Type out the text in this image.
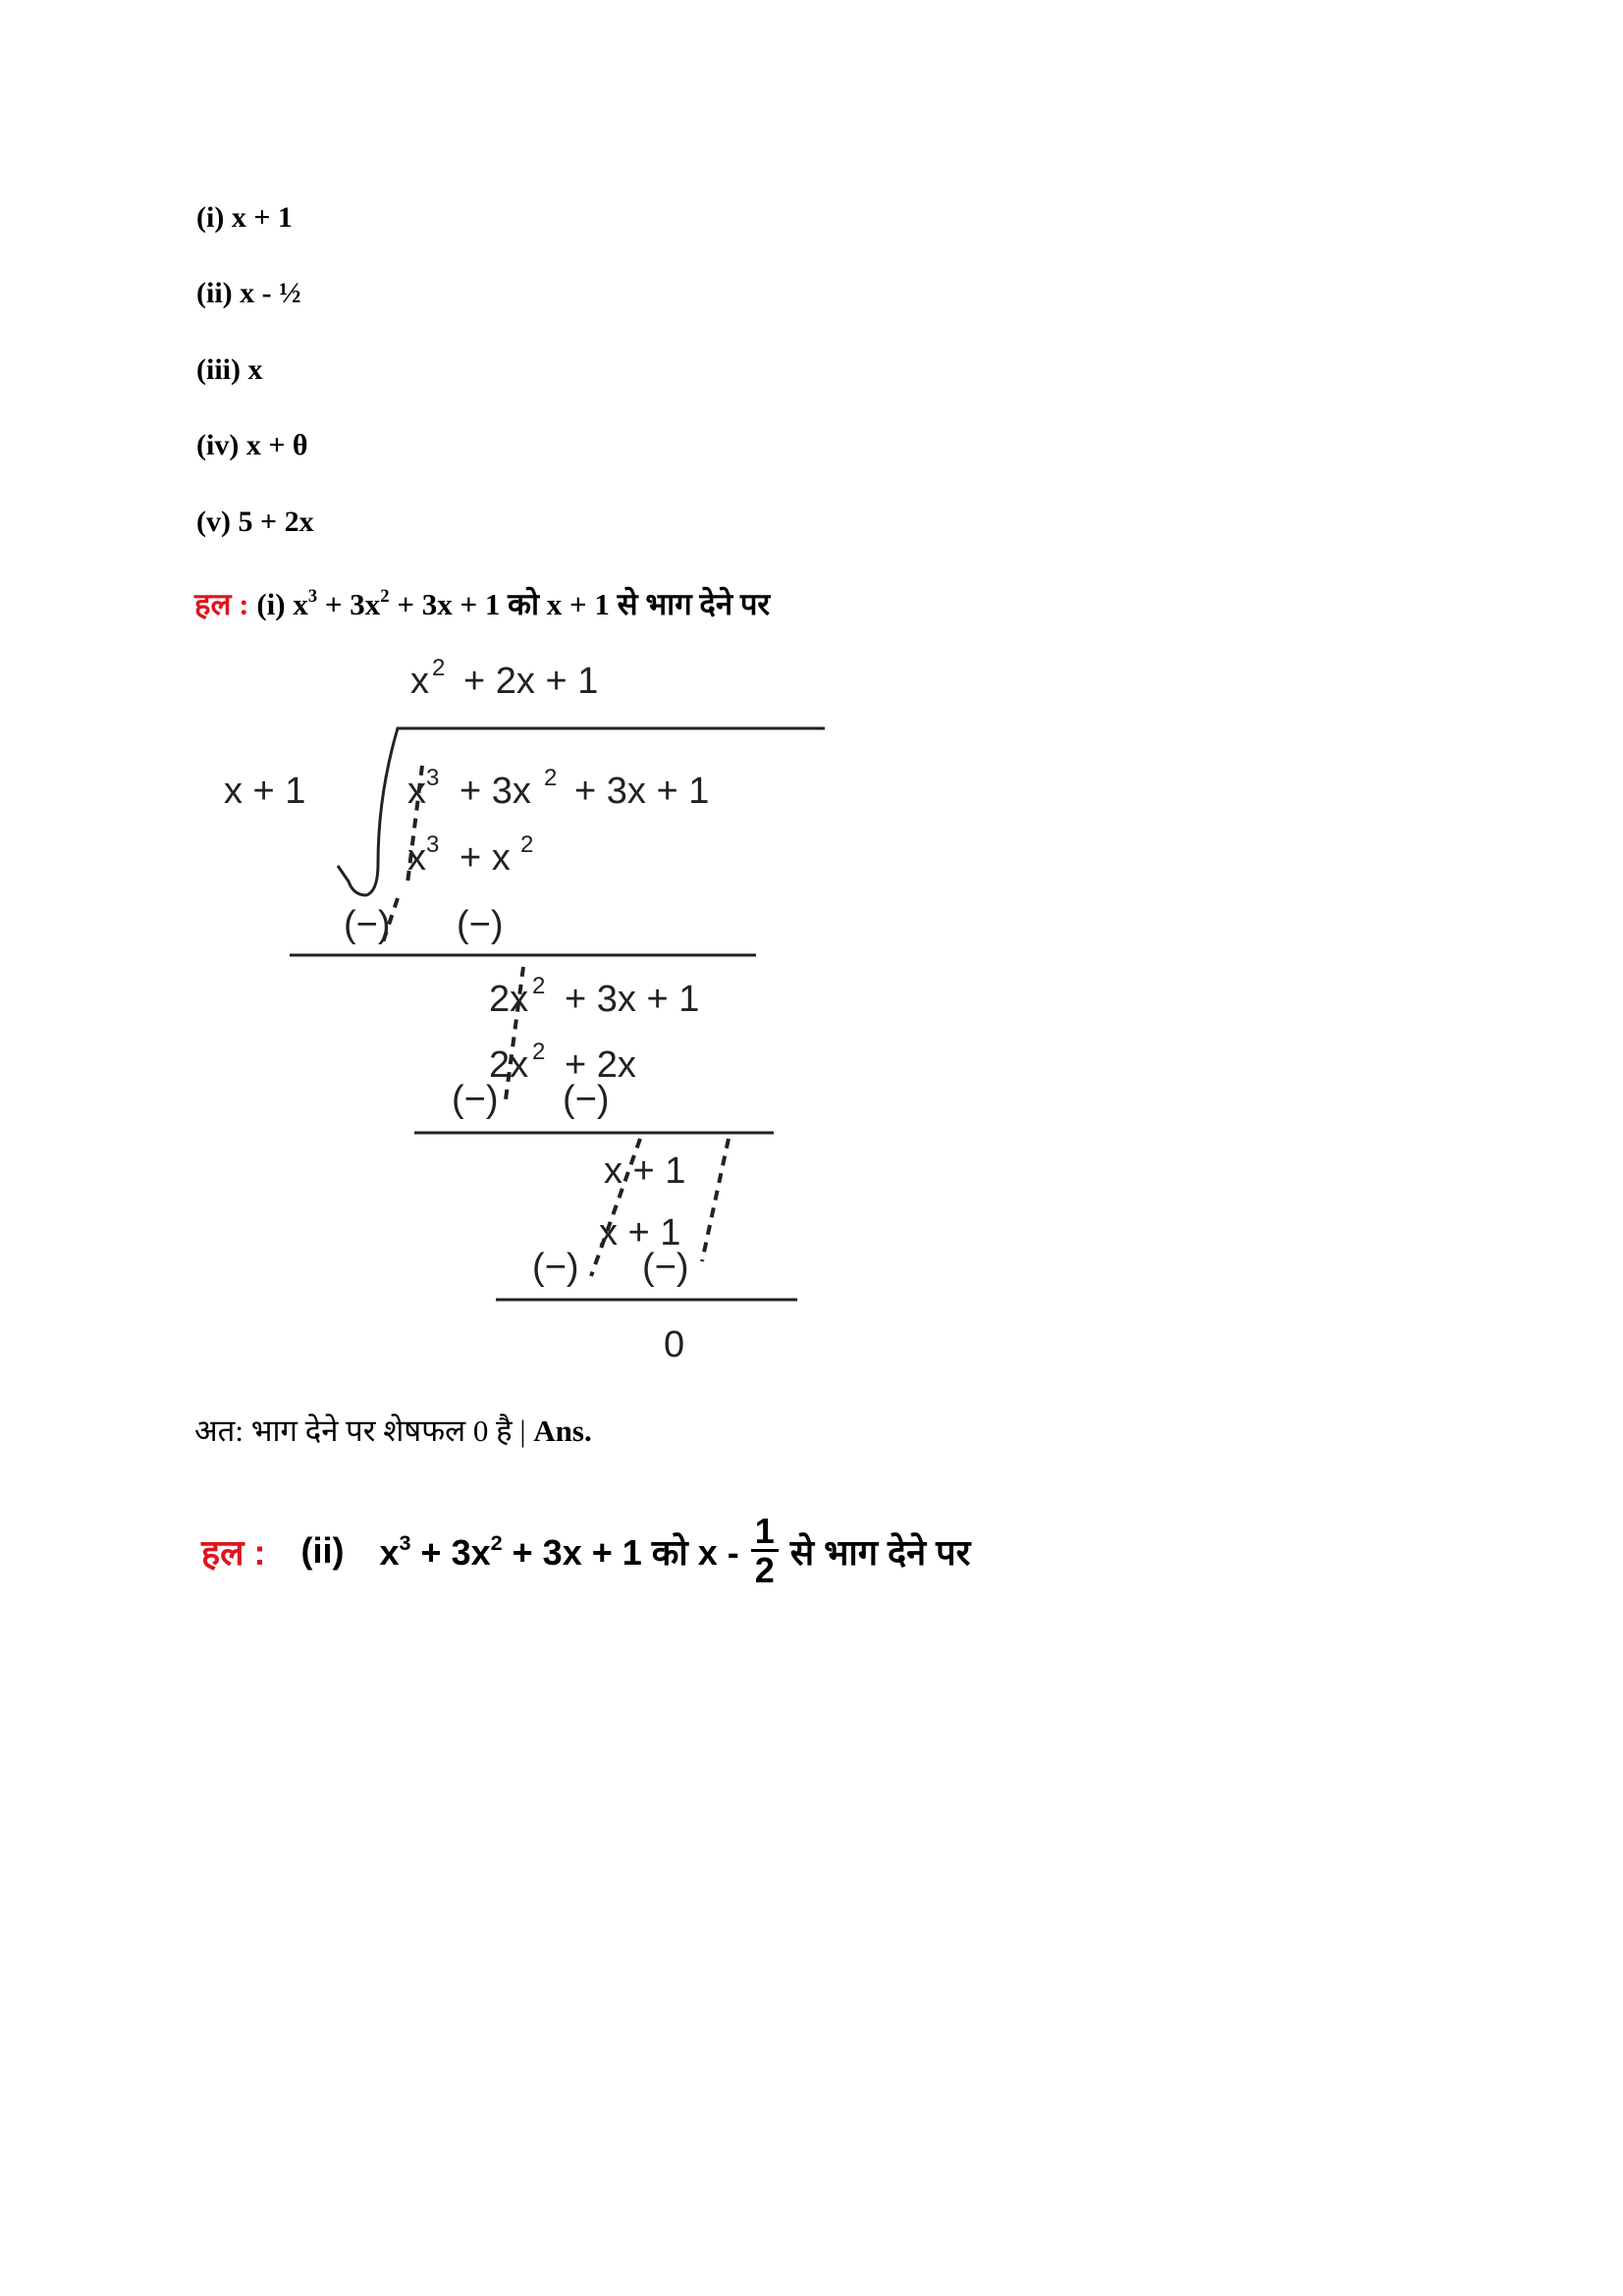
(i) x + 1
(ii) x - ½
(iii) x
(iv) x + θ
(v) 5 + 2x
हल : (i) $x^3 + 3x^2 + 3x + 1$ को x + 1 से भाग देने पर
x 2 + 2x + 1
x + 1	x 3 + 3x 2 + 3x + 1
x 3 + x 2
(−) (−)
2x 2 + 3x + 1
2x 2 + 2x
(−) (−)
x + 1
x + 1
(−) (−)
0
अत: भाग देने पर शेषफल 0 है | Ans.
हल : (ii) $x^3 + 3x^2 + 3x + 1$ को x - $\frac{1}{2}$ से भाग देने पर
